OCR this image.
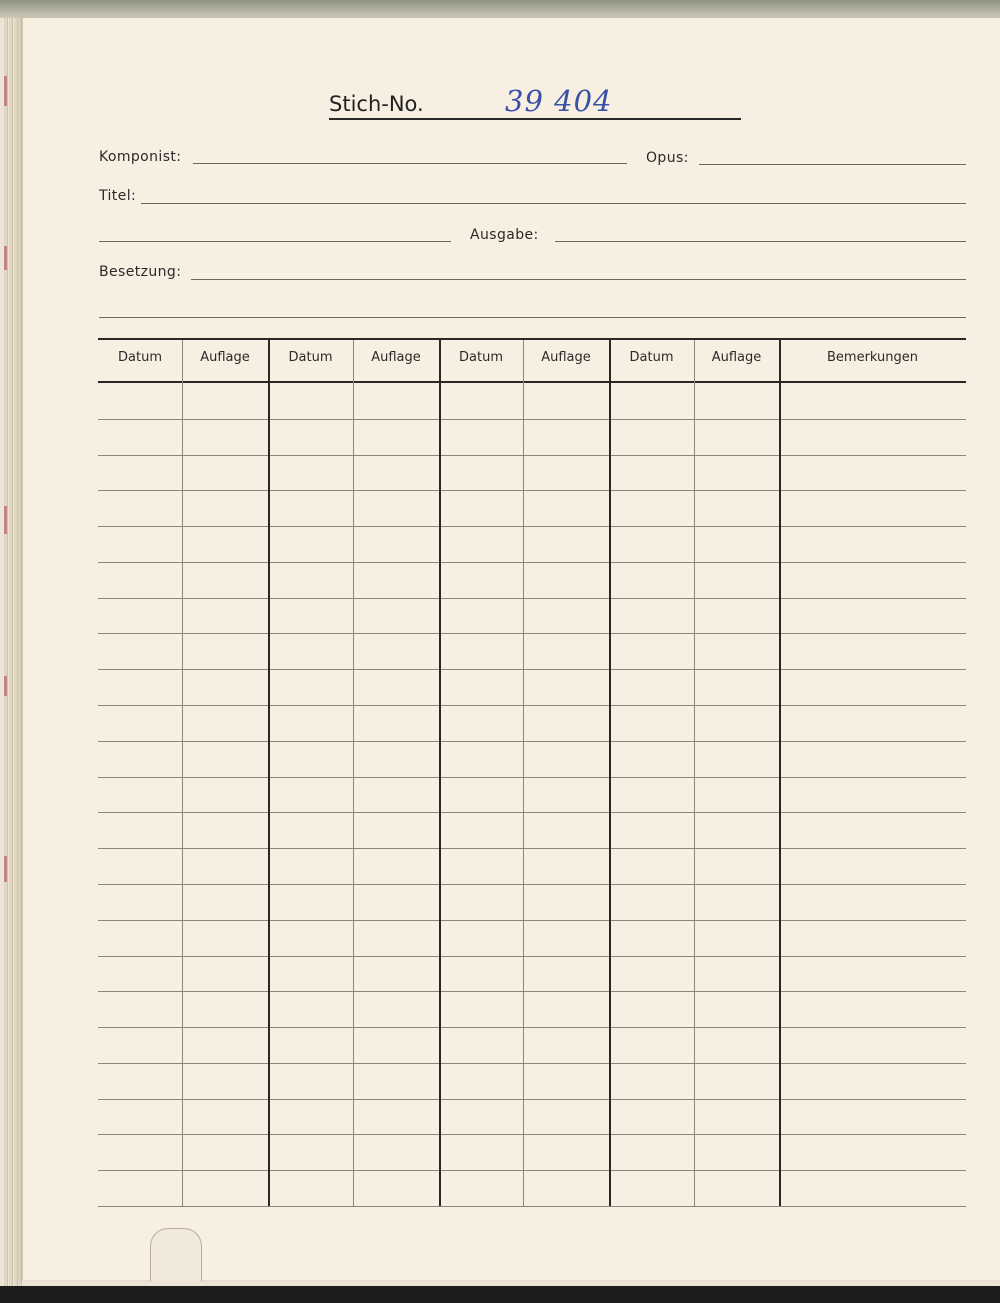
Stich-No.	39 404
Komponist:	Opus:
Titel:
Ausgabe:
Besetzung:
Datum	Auflage	Datum	Auflage	Datum	Auflage	Datum	Auflage	Bemerkungen
